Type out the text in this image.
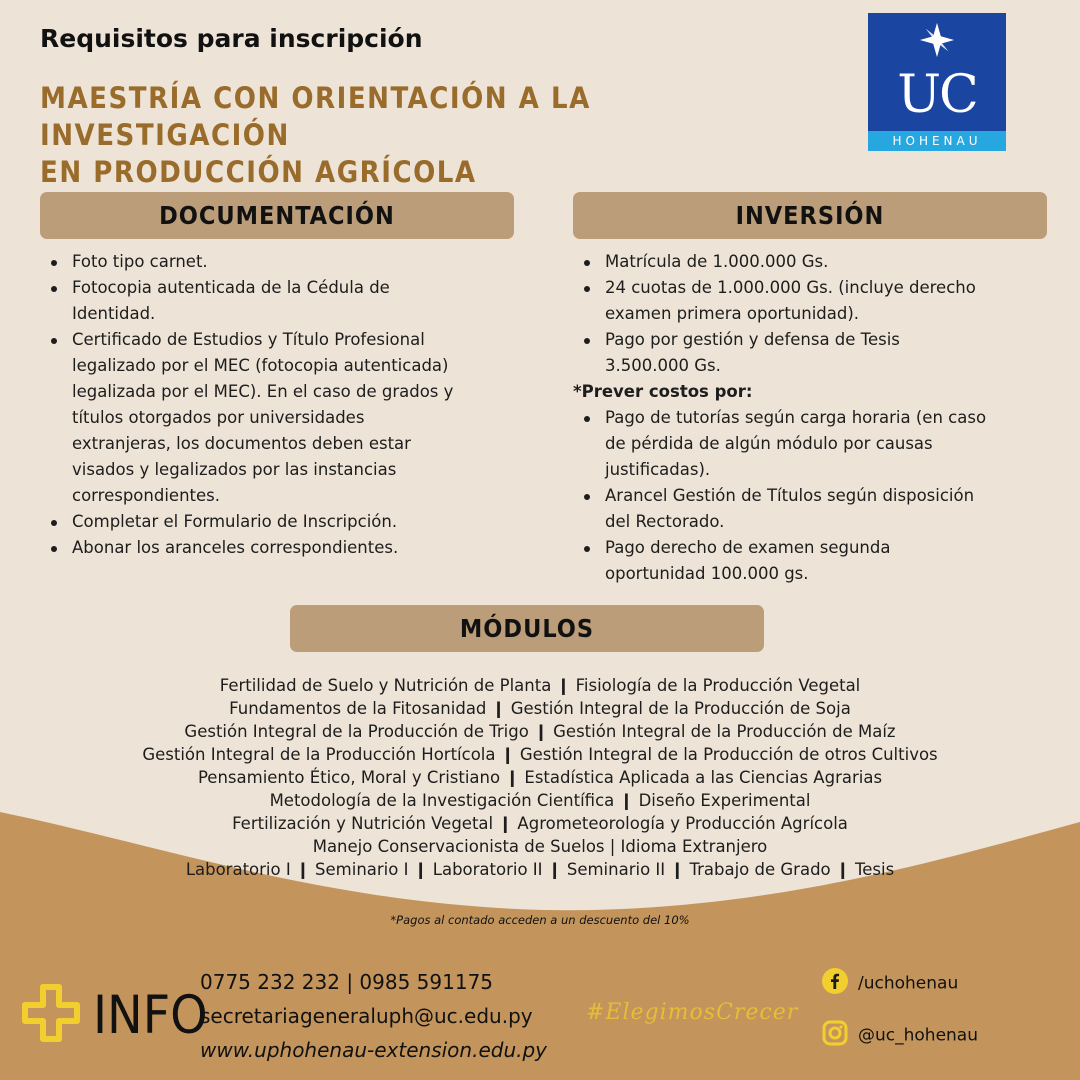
Requisitos para inscripción
MAESTRÍA CON ORIENTACIÓN A LA INVESTIGACIÓN
EN PRODUCCIÓN AGRÍCOLA
UC
HOHENAU
DOCUMENTACIÓN
Foto tipo carnet.
Fotocopia autenticada de la Cédula de
Identidad.
Certificado de Estudios y Título Profesional
legalizado por el MEC (fotocopia autenticada)
legalizada por el MEC). En el caso de grados y
títulos otorgados por universidades
extranjeras, los documentos deben estar
visados y legalizados por las instancias
correspondientes.
Completar el Formulario de Inscripción.
Abonar los aranceles correspondientes.
INVERSIÓN
Matrícula de 1.000.000 Gs.
24 cuotas de 1.000.000 Gs. (incluye derecho
examen primera oportunidad).
Pago por gestión y defensa de Tesis
3.500.000 Gs.
*Prever costos por:
Pago de tutorías según carga horaria (en caso
de pérdida de algún módulo por causas
justificadas).
Arancel Gestión de Títulos según disposición
del Rectorado.
Pago derecho de examen segunda
oportunidad 100.000 gs.
MÓDULOS
Fertilidad de Suelo y Nutrición de Planta ❙ Fisiología de la Producción Vegetal
Fundamentos de la Fitosanidad ❙ Gestión Integral de la Producción de Soja
Gestión Integral de la Producción de Trigo ❙ Gestión Integral de la Producción de Maíz
Gestión Integral de la Producción Hortícola ❙ Gestión Integral de la Producción de otros Cultivos
Pensamiento Ético, Moral y Cristiano ❙ Estadística Aplicada a las Ciencias Agrarias
Metodología de la Investigación Científica ❙ Diseño Experimental
Fertilización y Nutrición Vegetal ❙ Agrometeorología y Producción Agrícola
Manejo Conservacionista de Suelos | Idioma Extranjero
Laboratorio I ❙ Seminario I ❙ Laboratorio II ❙ Seminario II ❙ Trabajo de Grado ❙ Tesis
*Pagos al contado acceden a un descuento del 10%
INFO
0775 232 232 | 0985 591175
secretariageneraluph@uc.edu.py
www.uphohenau-extension.edu.py
#ElegimosCrecer
/uchohenau
@uc_hohenau
